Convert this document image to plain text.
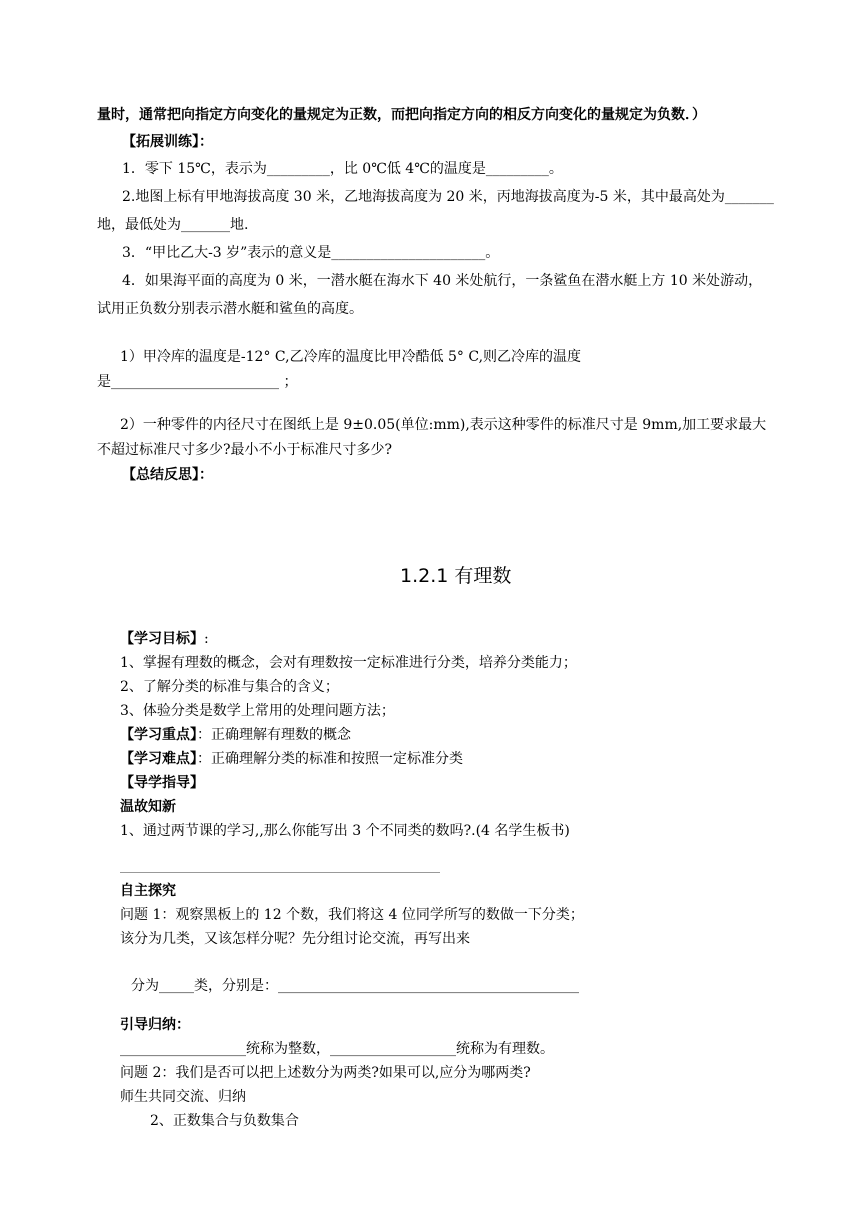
量时，通常把向指定方向变化的量规定为正数，而把向指定方向的相反方向变化的量规定为负数．）
【拓展训练】：
1．零下 15℃，表示为_________，比 0℃低 4℃的温度是_________。
2.地图上标有甲地海拔高度 30 米，乙地海拔高度为 20 米，丙地海拔高度为-5 米，其中最高处为_______
地，最低处为_______地.
3．“甲比乙大-3 岁”表示的意义是______________________。
4．如果海平面的高度为 0 米，一潜水艇在海水下 40 米处航行，一条鲨鱼在潜水艇上方 10 米处游动，
试用正负数分别表示潜水艇和鲨鱼的高度。
1）甲冷库的温度是-12° C,乙冷库的温度比甲冷酷低 5° C,则乙冷库的温度
是________________________ ；
2）一种零件的内径尺寸在图纸上是 9±0.05(单位:mm),表示这种零件的标准尺寸是 9mm,加工要求最大
不超过标准尺寸多少?最小不小于标准尺寸多少?
【总结反思】：
1.2.1 有理数
【学习目标】:
1、掌握有理数的概念，会对有理数按一定标准进行分类，培养分类能力；
2、了解分类的标准与集合的含义；
3、体验分类是数学上常用的处理问题方法；
【学习重点】：正确理解有理数的概念
【学习难点】：正确理解分类的标准和按照一定标准分类
【导学指导】
温故知新
1、通过两节课的学习,,那么你能写出 3 个不同类的数吗?.(4 名学生板书)
自主探究
问题 1：观察黑板上的 12 个数，我们将这 4 位同学所写的数做一下分类；
该分为几类，又该怎样分呢？先分组讨论交流，再写出来
分为_____类，分别是：___________________________________________
引导归纳：
__________________统称为整数，__________________统称为有理数。
问题 2：我们是否可以把上述数分为两类?如果可以,应分为哪两类?
师生共同交流、归纳
2、正数集合与负数集合
